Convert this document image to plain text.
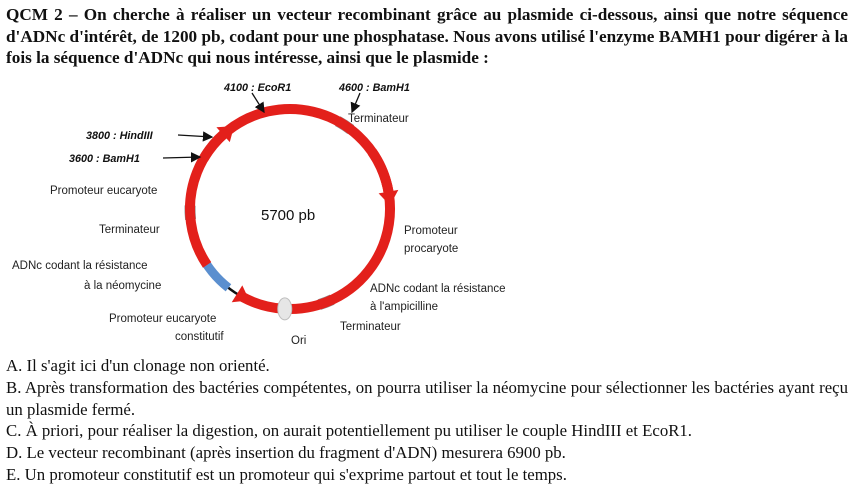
QCM 2 – On cherche à réaliser un vecteur recombinant grâce au plasmide ci-dessous, ainsi que notre séquence d'ADNc d'intérêt, de 1200 pb, codant pour une phosphatase. Nous avons utilisé l'enzyme BAMH1 pour digérer à la fois la séquence d'ADNc qui nous intéresse, ainsi que le plasmide :

4100 : EcoR1	4600 : BamH1
3800 : HindIII
3600 : BamH1
5700 pb
Terminateur
Promoteur eucaryote
Terminateur
ADNc codant la résistance
à la néomycine
Promoteur eucaryote
constitutif	Ori
Terminateur
ADNc codant la résistance
à l'ampicilline
Promoteur
procaryote
A. Il s'agit ici d'un clonage non orienté.
B. Après transformation des bactéries compétentes, on pourra utiliser la néomycine pour sélectionner les bactéries ayant reçu un plasmide fermé.
C. À priori, pour réaliser la digestion, on aurait potentiellement pu utiliser le couple HindIII et EcoR1.
D. Le vecteur recombinant (après insertion du fragment d'ADN) mesurera 6900 pb.
E. Un promoteur constitutif est un promoteur qui s'exprime partout et tout le temps.
